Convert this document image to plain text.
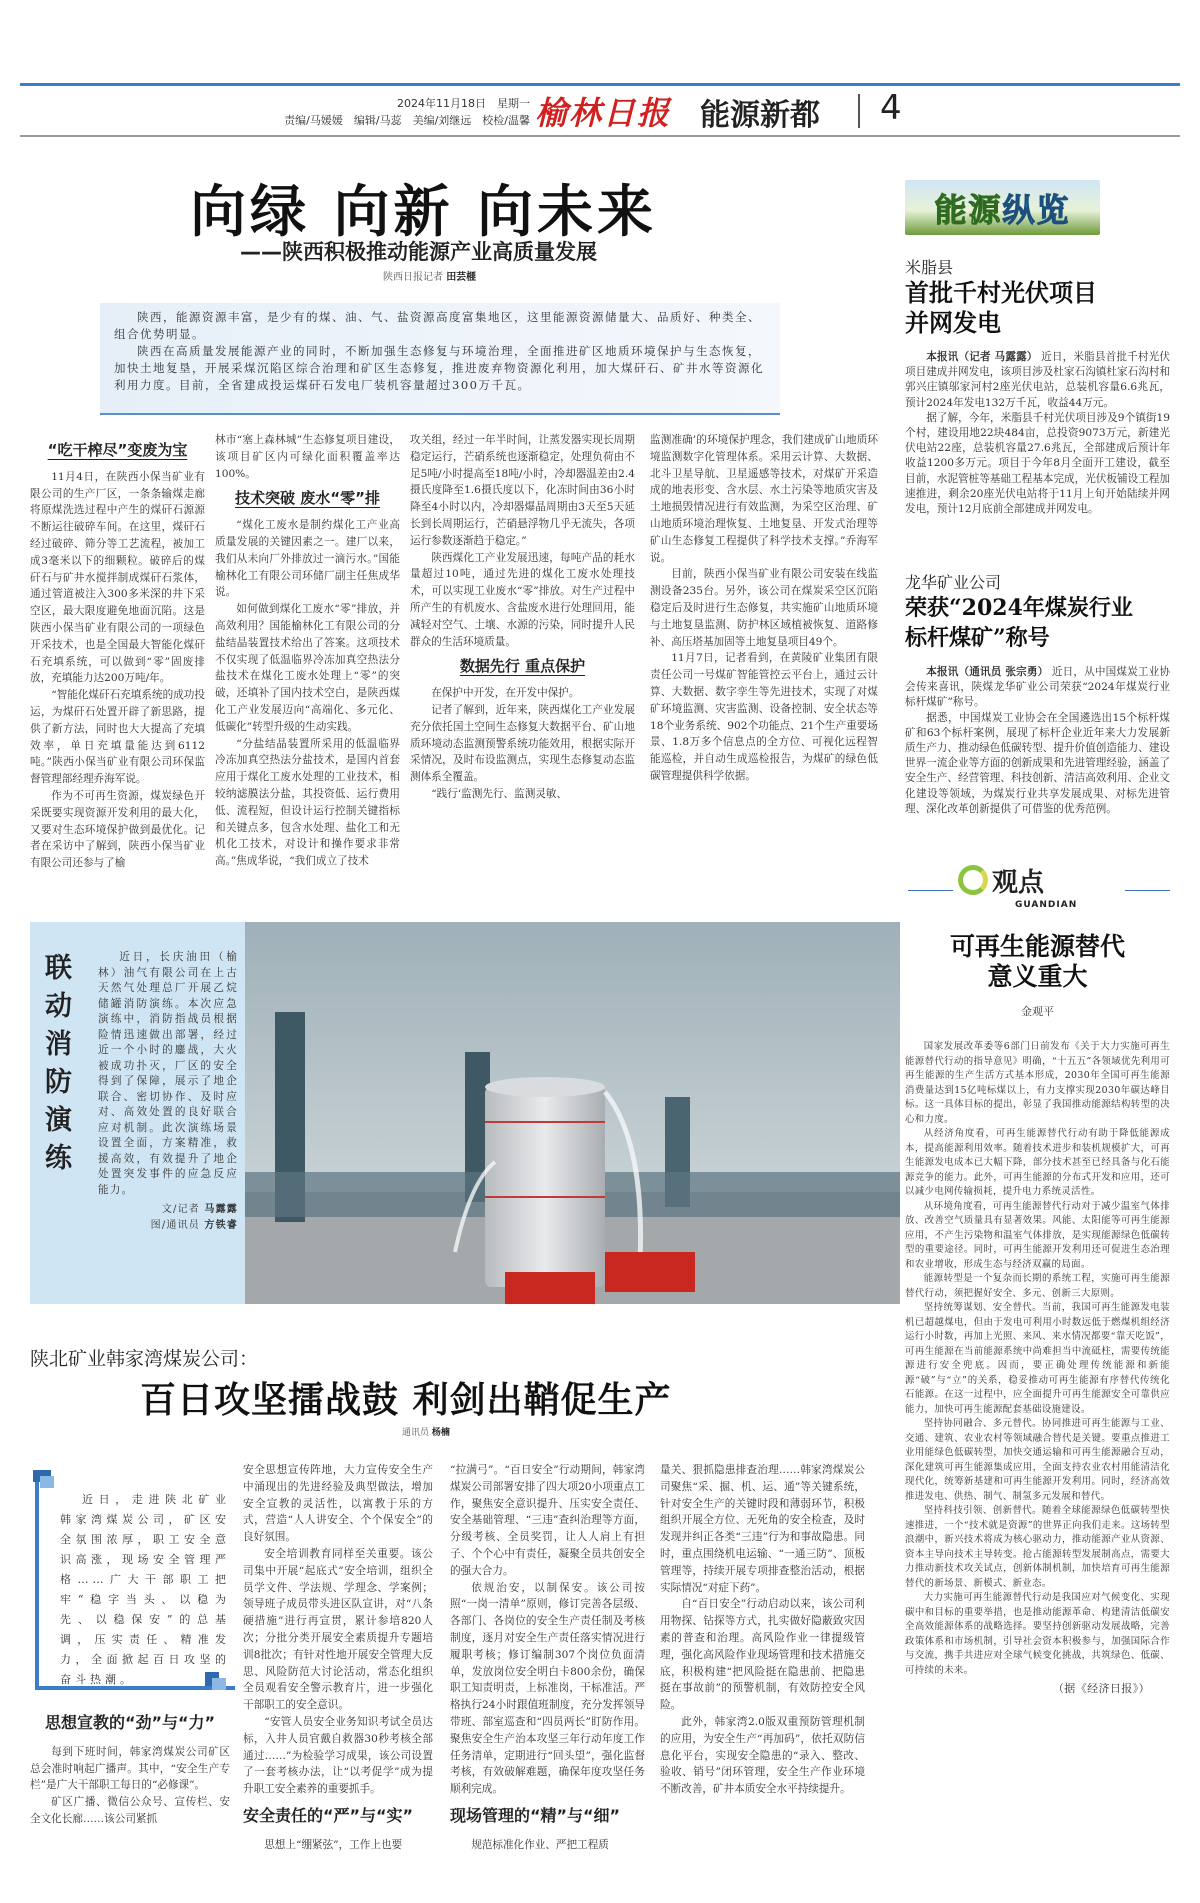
2024年11月18日　星期一
责编/马媛媛　编辑/马蕊　美编/刘继远　校检/温馨 榆林日报 能源新都 4
向绿 向新 向未来
——陕西积极推动能源产业高质量发展
陕西日报记者 田芸榧

陕西，能源资源丰富，是少有的煤、油、气、盐资源高度富集地区，这里能源资源储量大、品质好、种类全、组合优势明显。

陕西在高质量发展能源产业的同时，不断加强生态修复与环境治理，全面推进矿区地质环境保护与生态恢复，加快土地复垦，开展采煤沉陷区综合治理和矿区生态修复，推进废弃物资源化利用，加大煤矸石、矿井水等资源化利用力度。目前，全省建成投运煤矸石发电厂装机容量超过300万千瓦。

“吃干榨尽”变废为宝

11月4日，在陕西小保当矿业有限公司的生产厂区，一条条输煤走廊将原煤洗选过程中产生的煤矸石源源不断运往破碎车间。在这里，煤矸石经过破碎、筛分等工艺流程，被加工成3毫米以下的细颗粒。破碎后的煤矸石与矿井水搅拌制成煤矸石浆体，通过管道被注入300多米深的井下采空区，最大限度避免地面沉陷。这是陕西小保当矿业有限公司的一项绿色开采技术，也是全国最大智能化煤矸石充填系统，可以做到“零”固废排放，充填能力达200万吨/年。

“智能化煤矸石充填系统的成功投运，为煤矸石处置开辟了新思路，提供了新方法，同时也大大提高了充填效率，单日充填量能达到6112吨。”陕西小保当矿业有限公司环保监督管理部经理乔海军说。

作为不可再生资源，煤炭绿色开采既要实现资源开发利用的最大化，又要对生态环境保护做到最优化。记者在采访中了解到，陕西小保当矿业有限公司还参与了榆

林市“塞上森林城”生态修复项目建设，该项目矿区内可绿化面积覆盖率达100%。
技术突破 废水“零”排

“煤化工废水是制约煤化工产业高质量发展的关键因素之一。建厂以来，我们从未向厂外排放过一滴污水。”国能榆林化工有限公司环储厂副主任焦成华说。

如何做到煤化工废水“零”排放，并高效利用？国能榆林化工有限公司的分盐结晶装置技术给出了答案。这项技术不仅实现了低温临界冷冻加真空热法分盐技术在煤化工废水处理上“零”的突破，还填补了国内技术空白，是陕西煤化工产业发展迈向“高端化、多元化、低碳化”转型升级的生动实践。

“分盐结晶装置所采用的低温临界冷冻加真空热法分盐技术，是国内首套应用于煤化工废水处理的工业技术，相较纳滤膜法分盐，其投资低、运行费用低、流程短，但设计运行控制关键指标和关键点多，包含水处理、盐化工和无机化工技术，对设计和操作要求非常高。”焦成华说，“我们成立了技术

攻关组，经过一年半时间，让蒸发器实现长周期稳定运行，芒硝系统也逐渐稳定，处理负荷由不足5吨/小时提高至18吨/小时，冷却器温差由2.4摄氏度降至1.6摄氏度以下，化冻时间由36小时降至4小时以内，冷却器爆晶周期由3天至5天延长到长周期运行，芒硝悬浮物几乎无流失，各项运行参数逐渐趋于稳定。”

陕西煤化工产业发展迅速，每吨产品的耗水量超过10吨，通过先进的煤化工废水处理技术，可以实现工业废水“零”排放。对生产过程中所产生的有机废水、含盐废水进行处理回用，能减轻对空气、土壤、水源的污染，同时提升人民群众的生活环境质量。

数据先行 重点保护

在保护中开发，在开发中保护。

记者了解到，近年来，陕西煤化工产业发展充分依托国土空间生态修复大数据平台、矿山地质环境动态监测预警系统功能效用，根据实际开采情况，及时布设监测点，实现生态修复动态监测体系全覆盖。

“践行‘监测先行、监测灵敏、

监测准确’的环境保护理念，我们建成矿山地质环境监测数字化管理体系。采用云计算、大数据、北斗卫星导航、卫星遥感等技术，对煤矿开采造成的地表形变、含水层、水土污染等地质灾害及土地损毁情况进行有效监测，为采空区治理、矿山地质环境治理恢复、土地复垦、开发式治理等矿山生态修复工程提供了科学技术支撑。”乔海军说。

目前，陕西小保当矿业有限公司安装在线监测设备235台。另外，该公司在煤炭采空区沉陷稳定后及时进行生态修复，共实施矿山地质环境与土地复垦监测、防护林区域植被恢复、道路修补、高压塔基加固等土地复垦项目49个。

11月7日，记者看到，在黄陵矿业集团有限责任公司一号煤矿智能管控云平台上，通过云计算、大数据、数字孪生等先进技术，实现了对煤矿环境监测、灾害监测、设备控制、安全状态等18个业务系统、902个功能点、21个生产重要场景、1.8万多个信息点的全方位、可视化远程智能巡检，并自动生成巡检报告，为煤矿的绿色低碳管理提供科学依据。

能源 纵览
米脂县
首批千村光伏项目
并网发电

本报讯（记者 马露露） 近日，米脂县首批千村光伏项目建成并网发电，该项目涉及杜家石沟镇杜家石沟村和郭兴庄镇邬家河村2座光伏电站，总装机容量6.6兆瓦，预计2024年发电132万千瓦，收益44万元。

据了解，今年，米脂县千村光伏项目涉及9个镇街19个村，建设用地22块484亩，总投资9073万元，新建光伏电站22座，总装机容量27.6兆瓦，全部建成后预计年收益1200多万元。项目于今年8月全面开工建设，截至目前，水泥管桩等基础工程基本完成，光伏板铺设工程加速推进，剩余20座光伏电站将于11月上旬开始陆续并网发电，预计12月底前全部建成并网发电。

龙华矿业公司
荣获“2024年煤炭行业
标杆煤矿”称号

本报讯（通讯员 张宗勇） 近日，从中国煤炭工业协会传来喜讯，陕煤龙华矿业公司荣获“2024年煤炭行业标杆煤矿”称号。

据悉，中国煤炭工业协会在全国遴选出15个标杆煤矿和63个标杆案例，展现了标杆企业近年来大力发展新质生产力、推动绿色低碳转型、提升价值创造能力、建设世界一流企业等方面的创新成果和先进管理经验，涵盖了安全生产、经营管理、科技创新、清洁高效利用、企业文化建设等领域，为煤炭行业共享发展成果、对标先进管理、深化改革创新提供了可借鉴的优秀范例。

观点
GUANDIAN
可再生能源替代
意义重大
金观平

国家发展改革委等6部门日前发布《关于大力实施可再生能源替代行动的指导意见》明确，“十五五”各领域优先利用可再生能源的生产生活方式基本形成，2030年全国可再生能源消费量达到15亿吨标煤以上，有力支撑实现2030年碳达峰目标。这一具体目标的提出，彰显了我国推动能源结构转型的决心和力度。

从经济角度看，可再生能源替代行动有助于降低能源成本，提高能源利用效率。随着技术进步和装机规模扩大，可再生能源发电成本已大幅下降，部分技术甚至已经具备与化石能源竞争的能力。此外，可再生能源的分布式开发和应用，还可以减少电网传输损耗，提升电力系统灵活性。

从环境角度看，可再生能源替代行动对于减少温室气体排放、改善空气质量具有显著效果。风能、太阳能等可再生能源应用，不产生污染物和温室气体排放，是实现能源绿色低碳转型的重要途径。同时，可再生能源开发利用还可促进生态治理和农业增收，形成生态与经济双赢的局面。

能源转型是一个复杂而长期的系统工程，实施可再生能源替代行动，须把握好安全、多元、创新三大原则。

坚持统筹谋划、安全替代。当前，我国可再生能源发电装机已超越煤电，但由于发电可利用小时数远低于燃煤机组经济运行小时数，再加上光照、来风、来水情况都要“靠天吃饭”，可再生能源在当前能源系统中尚难担当中流砥柱，需要传统能源进行安全兜底。因而，要正确处理传统能源和新能源“破”与“立”的关系，稳妥推动可再生能源有序替代传统化石能源。在这一过程中，应全面提升可再生能源安全可靠供应能力，加快可再生能源配套基础设施建设。

坚持协同融合、多元替代。协同推进可再生能源与工业、交通、建筑、农业农村等领域融合替代是关键。要重点推进工业用能绿色低碳转型，加快交通运输和可再生能源融合互动，深化建筑可再生能源集成应用，全面支持农业农村用能清洁化现代化，统筹新基建和可再生能源开发利用。同时，经济高效推进发电、供热、制气、制氢多元发展和替代。

坚持科技引领、创新替代。随着全球能源绿色低碳转型快速推进，一个“技术就是资源”的世界正向我们走来。这场转型浪潮中，新兴技术将成为核心驱动力，推动能源产业从资源、资本主导向技术主导转变。抢占能源转型发展制高点，需要大力推动新技术攻关试点，创新体制机制，加快培育可再生能源替代的新场景、新模式、新业态。

大力实施可再生能源替代行动是我国应对气候变化、实现碳中和目标的重要举措，也是推动能源革命、构建清洁低碳安全高效能源体系的战略选择。要坚持创新驱动发展战略，完善政策体系和市场机制，引导社会资本积极参与，加强国际合作与交流，携手共进应对全球气候变化挑战，共筑绿色、低碳、可持续的未来。

（据《经济日报》）
联动消防演练
近日，长庆油田（榆林）油气有限公司在上古天然气处理总厂开展乙烷储罐消防演练。本次应急演练中，消防指战员根据险情迅速做出部署，经过近一个小时的鏖战，大火被成功扑灭，厂区的安全得到了保障，展示了地企联合、密切协作、及时应对、高效处置的良好联合应对机制。此次演练场景设置全面，方案精准，救援高效，有效提升了地企处置突发事件的应急反应能力。
文/记者 马露露
图/通讯员 方铁睿
陕北矿业韩家湾煤炭公司：
百日攻坚擂战鼓 利剑出鞘促生产
通讯员 杨楠

近日，走进陕北矿业韩家湾煤炭公司，矿区安全氛围浓厚，职工安全意识高涨，现场安全管理严格……广大干部职工把牢“稳字当头、以稳为先、以稳保安”的总基调，压实责任、精准发力，全面掀起百日攻坚的奋斗热潮。

思想宣教的“劲”与“力”

每到下班时间，韩家湾煤炭公司矿区总会准时响起广播声。其中，“安全生产专栏”是广大干部职工每日的“必修课”。

矿区广播、微信公众号、宣传栏、安全文化长廊……该公司紧抓

安全思想宣传阵地，大力宣传安全生产中涌现出的先进经验及典型做法，增加安全宣教的灵活性，以寓教于乐的方式，营造“人人讲安全、个个保安全”的良好氛围。

安全培训教育同样至关重要。该公司集中开展“起底式”安全培训，组织全员学文件、学法规、学理念、学案例；领导班子成员带头进区队宣讲，对“八条硬措施”进行再宣贯，累计参培820人次；分批分类开展安全素质提升专题培训8批次；有针对性地开展安全管理大反思、风险防范大讨论活动，常态化组织全员观看安全警示教育片，进一步强化干部职工的安全意识。

“安管人员安全业务知识考试全员达标，入井人员官戴自救器30秒考核全部通过……”为检验学习成果，该公司设置了一套考核办法，让“以考促学”成为提升职工安全素养的重要抓手。

安全责任的“严”与“实”

思想上“绷紧弦”，工作上也要

“拉满弓”。“百日安全”行动期间，韩家湾煤炭公司部署安排了四大项20小项重点工作，聚焦安全意识提升、压实安全责任、安全基础管理、“三违”查纠治理等方面，分级考核、全员奖罚，让人人肩上有担子、个个心中有责任，凝聚全员共创安全的强大合力。

依规治安，以制保安。该公司按照“一岗一清单”原则，修订完善各层级、各部门、各岗位的安全生产责任制及考核制度，逐月对安全生产责任落实情况进行履职考核；修订编制307个岗位负面清单，发放岗位安全明白卡800余份，确保职工知责明责，上标准岗，干标准活。严格执行24小时跟值班制度，充分发挥领导带班、部室巡查和“四员两长”盯防作用。聚焦安全生产治本攻坚三年行动年度工作任务清单，定期进行“回头望”，强化监督考核，有效破解难题，确保年度攻坚任务顺利完成。

现场管理的“精”与“细”

规范标准化作业、严把工程质

量关、狠抓隐患排查治理……韩家湾煤炭公司聚焦“采、掘、机、运、通”等关键系统，针对安全生产的关键时段和薄弱环节，积极组织开展全方位、无死角的安全检查，及时发现并纠正各类“三违”行为和事故隐患。同时，重点围绕机电运输、“一通三防”、顶板管理等，持续开展专项排查整治活动，根据实际情况“对症下药”。

自“百日安全”行动启动以来，该公司利用物探、钻探等方式，扎实做好隐蔽致灾因素的普查和治理。高风险作业一律提级管理，强化高风险作业现场管理和技术措施交底，积极构建“把风险挺在隐患前、把隐患挺在事故前”的预警机制，有效防控安全风险。

此外，韩家湾2.0版双重预防管理机制的应用，为安全生产“再加码”，依托双防信息化平台，实现安全隐患的“录入、整改、验收、销号”闭环管理，安全生产作业环境不断改善，矿井本质安全水平持续提升。
